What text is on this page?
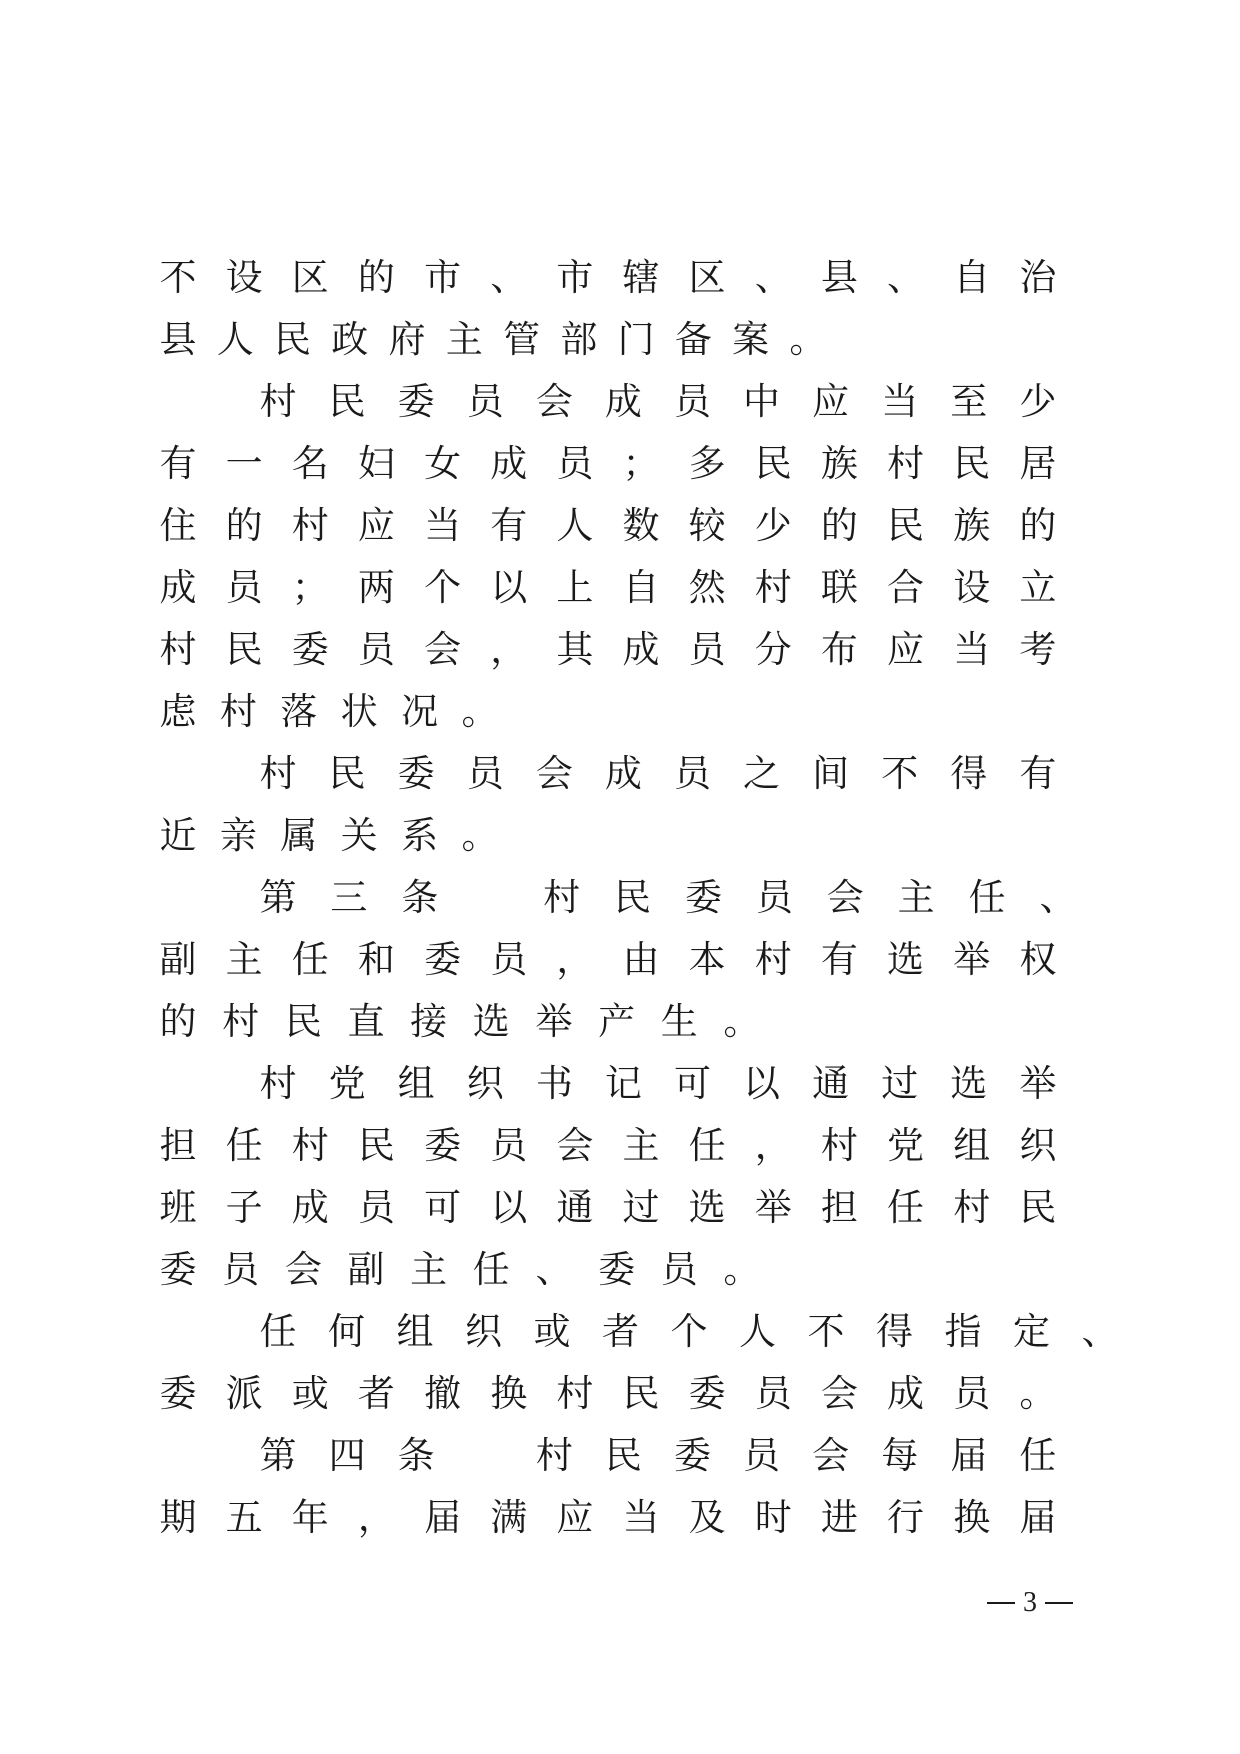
不 设 区 的 市 、 市 辖 区 、 县 、 自 治
县 人 民 政 府 主 管 部 门 备 案 。
村 民 委 员 会 成 员 中 应 当 至 少
有 一 名 妇 女 成 员 ； 多 民 族 村 民 居
住 的 村 应 当 有 人 数 较 少 的 民 族 的
成 员 ； 两 个 以 上 自 然 村 联 合 设 立
村 民 委 员 会 ， 其 成 员 分 布 应 当 考
虑 村 落 状 况 。
村 民 委 员 会 成 员 之 间 不 得 有
近 亲 属 关 系 。
第 三 条
　	村 民 委 员 会 主 任 、
副 主 任 和 委 员 ， 由 本 村 有 选 举 权
的 村 民 直 接 选 举 产 生 。
村 党 组 织 书 记 可 以 通 过 选 举
担 任 村 民 委 员 会 主 任 ， 村 党 组 织
班 子 成 员 可 以 通 过 选 举 担 任 村 民
委 员 会 副 主 任 、 委 员 。
任 何 组 织 或 者 个 人 不 得 指 定 、
委 派 或 者 撤 换 村 民 委 员 会 成 员 。
第 四 条
　	村 民 委 员 会 每 届 任
期 五 年 ， 届 满 应 当 及 时 进 行 换 届
3
